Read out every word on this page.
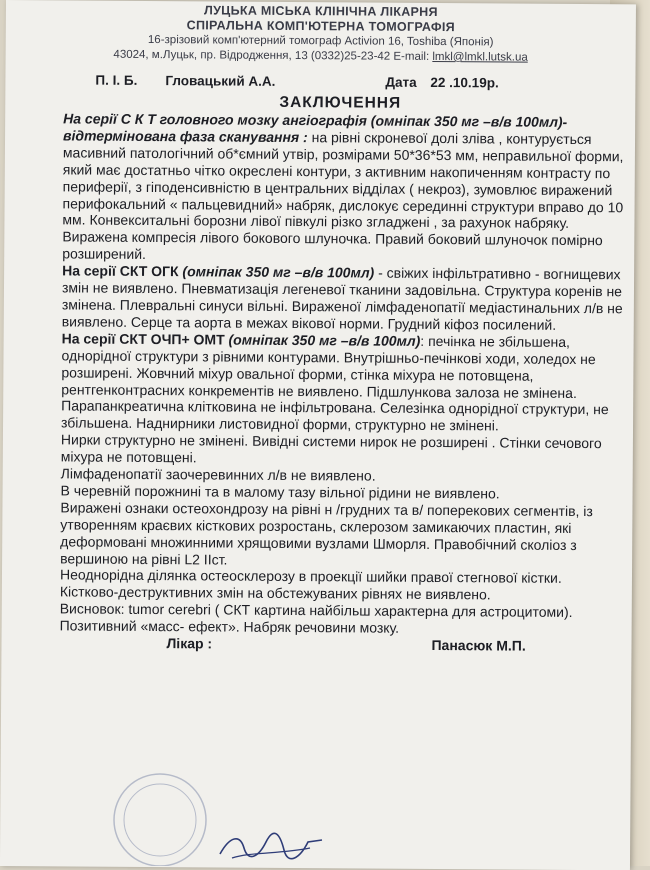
ЛУЦЬКА МІСЬКА КЛІНІЧНА ЛІКАРНЯ
СПІРАЛЬНА КОМП'ЮТЕРНА ТОМОГРАФІЯ
16-зрізовий комп'ютерний томограф Activion 16, Toshiba (Японія)
43024, м.Луцьк, пр. Відродження, 13 (0332)25-23-42 E-mail: lmkl@lmkl.lutsk.ua
П. І. Б. Гловацький А.А.	Дата 22 .10.19р.
ЗАКЛЮЧЕННЯ

На серії С К Т головного мозку ангіографія (омніпак 350 мг –в/в 100мл)- відтермінована фаза сканування : на рівні скроневої долі зліва , контурується масивний патологічний об*ємний утвір, розмірами 50*36*53 мм, неправильної форми, який має достатньо чітко окреслені контури, з активним накопиченням контрасту по периферії, з гіподенсивністю в центральних відділах ( некроз), зумовлює виражений перифокальний « пальцевидний» набряк, дислокує серединні структури вправо до 10 мм. Конвекситальні борозни лівої півкулі різко згладжені , за рахунок набряку. Виражена компресія лівого бокового шлуночка. Правий боковий шлуночок помірно розширений.

На серії СКТ ОГК (омніпак 350 мг –в/в 100мл) - свіжих інфільтративно - вогнищевих змін не виявлено. Пневматизація легеневої тканини задовільна. Структура коренів не змінена. Плевральні синуси вільні. Вираженої лімфаденопатії медіастинальних л/в не виявлено. Серце та аорта в межах вікової норми. Грудний кіфоз посилений.

На серії СКТ ОЧП+ ОМТ (омніпак 350 мг –в/в 100мл): печінка не збільшена, однорідної структури з рівними контурами. Внутрішньо-печінкові ходи, холедох не розширені. Жовчний міхур овальної форми, стінка міхура не потовщена, рентгенконтрасних конкрементів не виявлено. Підшлункова залоза не змінена. Парапанкреатична клітковина не інфільтрована. Селезінка однорідної структури, не збільшена. Наднирники листовидної форми, структурно не змінені.

Нирки структурно не змінені. Вивідні системи нирок не розширені . Стінки сечового міхура не потовщені.

Лімфаденопатії заочеревинних л/в не виявлено.

В черевній порожнині та в малому тазу вільної рідини не виявлено.

Виражені ознаки остеохондрозу на рівні н /грудних та в/ поперекових сегментів, із утворенням краєвих кісткових розростань, склерозом замикаючих пластин, які деформовані множинними хрящовими вузлами Шморля. Правобічний сколіоз з вершиною на рівні L2 ІІст.

Неоднорідна ділянка остеосклерозу в проекції шийки правої стегнової кістки.

Кістково-деструктивних змін на обстежуваних рівнях не виявлено.

Висновок: tumor cerebri ( СКТ картина найбільш характерна для астроцитоми). Позитивний «масс- ефект». Набряк речовини мозку.

Лікар :	Панасюк М.П.
